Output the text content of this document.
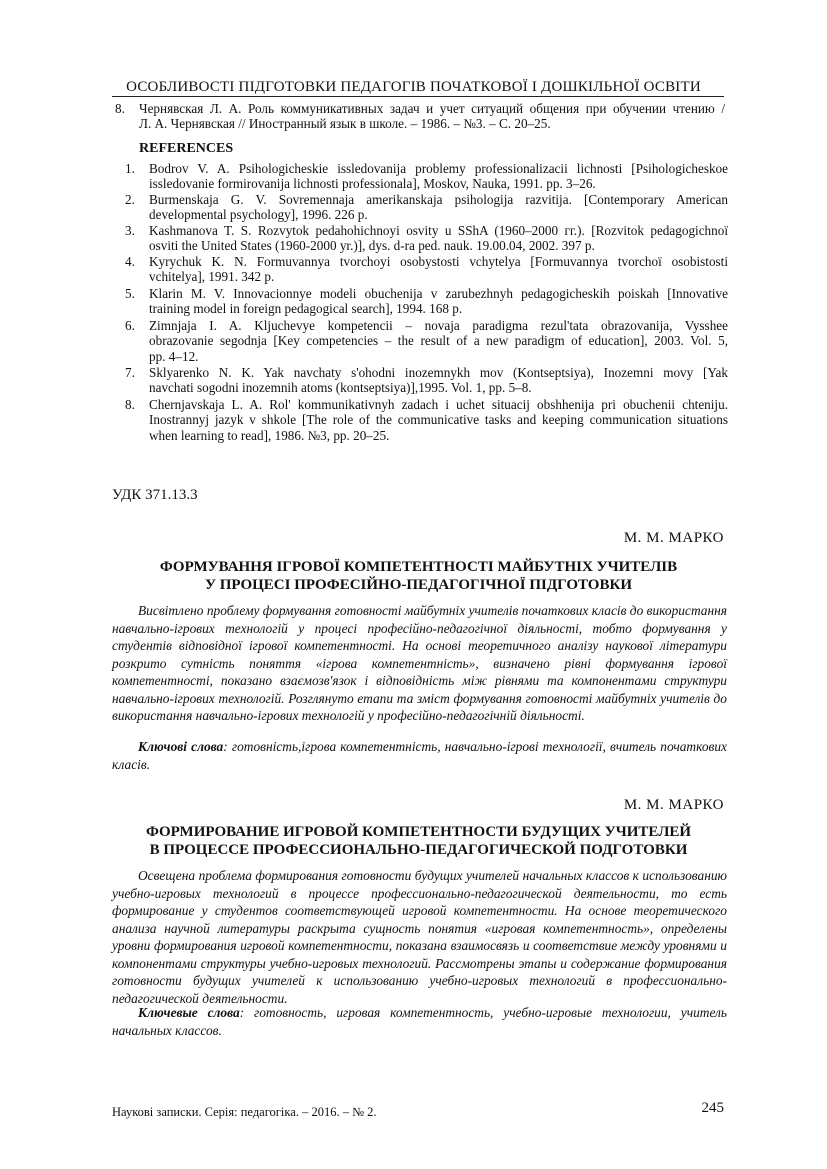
ОСОБЛИВОСТІ ПІДГОТОВКИ ПЕДАГОГІВ ПОЧАТКОВОЇ І ДОШКІЛЬНОЇ ОСВІТИ
8. Чернявская Л. А. Роль коммуникативных задач и учет ситуаций общения при обучении чтению /
Л. А. Чернявская // Иностранный язык в школе. – 1986. – №3. – С. 20–25.
REFERENCES
1. Bodrov V. A. Psihologicheskie issledovanija problemy professionalizacii lichnosti [Psihologicheskoe
issledovanie formirovanija lichnosti professionala], Moskov, Nauka, 1991. pp. 3–26.
2. Burmenskaja G. V. Sovremennaja amerikanskaja psihologija razvitija. [Contemporary American
developmental psychology], 1996. 226 p.
3. Kashmanova T. S. Rozvytok pedahohichnoyi osvity u SShA (1960–2000 гг.). [Rozvitok pedagogichnoї
osviti the United States (1960-2000 yr.)], dys. d-ra ped. nauk. 19.00.04, 2002. 397 p.
4. Kyrychuk K. N. Formuvannya tvorchoyi osobystosti vchytelya [Formuvannya tvorchoї osobistosti
vchitelya], 1991. 342 p.
5. Klarin M. V. Innovacionnye modeli obuchenija v zarubezhnyh pedagogicheskih poiskah [Innovative
training model in foreign pedagogical search], 1994. 168 p.
6. Zimnjaja I. A. Kljuchevye kompetencii – novaja paradigma rezul'tata obrazovanija, Vysshee
obrazovanie segodnja [Key competencies – the result of a new paradigm of education], 2003. Vol. 5,
pp. 4–12.
7. Sklyarenko N. K. Yak navchaty s'ohodni inozemnykh mov (Kontseptsiya), Inozemni movy [Yak
navchati sogodni inozemnih atoms (kontseptsiya)],1995. Vol. 1, pp. 5–8.
8. Chernjavskaja L. A. Rol' kommunikativnyh zadach i uchet situacij obshhenija pri obuchenii chteniju.
Inostrannyj jazyk v shkole [The role of the communicative tasks and keeping communication situations
when learning to read], 1986. №3, pp. 20–25.
УДК 371.13.3
М. М. МАРКО
ФОРМУВАННЯ ІГРОВОЇ КОМПЕТЕНТНОСТІ МАЙБУТНІХ УЧИТЕЛІВ
У ПРОЦЕСІ ПРОФЕСІЙНО-ПЕДАГОГІЧНОЇ ПІДГОТОВКИ
Висвітлено проблему формування готовності майбутніх учителів початкових класів до використання навчально-ігрових технологій у процесі професійно-педагогічної діяльності, тобто формування у студентів відповідної ігрової компетентності. На основі теоретичного аналізу наукової літератури розкрито сутність поняття «ігрова компетентність», визначено рівні формування ігрової компетентності, показано взаємозв'язок і відповідність між рівнями та компонентами структури навчально-ігрових технологій. Розглянуто етапи та зміст формування готовності майбутніх учителів до використання навчально-ігрових технологій у професійно-педагогічній діяльності.
Ключові слова: готовність,ігрова компетентність, навчально-ігрові технології, вчитель початкових класів.
М. М. МАРКО
ФОРМИРОВАНИЕ ИГРОВОЙ КОМПЕТЕНТНОСТИ БУДУЩИХ УЧИТЕЛЕЙ
В ПРОЦЕССЕ ПРОФЕССИОНАЛЬНО-ПЕДАГОГИЧЕСКОЙ ПОДГОТОВКИ
Освещена проблема формирования готовности будущих учителей начальных классов к использованию учебно-игровых технологий в процессе профессионально-педагогической деятельности, то есть формирование у студентов соответствующей игровой компетентности. На основе теоретического анализа научной литературы раскрыта сущность понятия «игровая компетентность», определены уровни формирования игровой компетентности, показана взаимосвязь и соответствие между уровнями и компонентами структуры учебно-игровых технологий. Рассмотрены этапы и содержание формирования готовности будущих учителей к использованию учебно-игровых технологий в профессионально-педагогической деятельности.
Ключевые слова: готовность, игровая компетентность, учебно-игровые технологии, учитель начальных классов.
Наукові записки. Серія: педагогіка. – 2016. – № 2.	245
